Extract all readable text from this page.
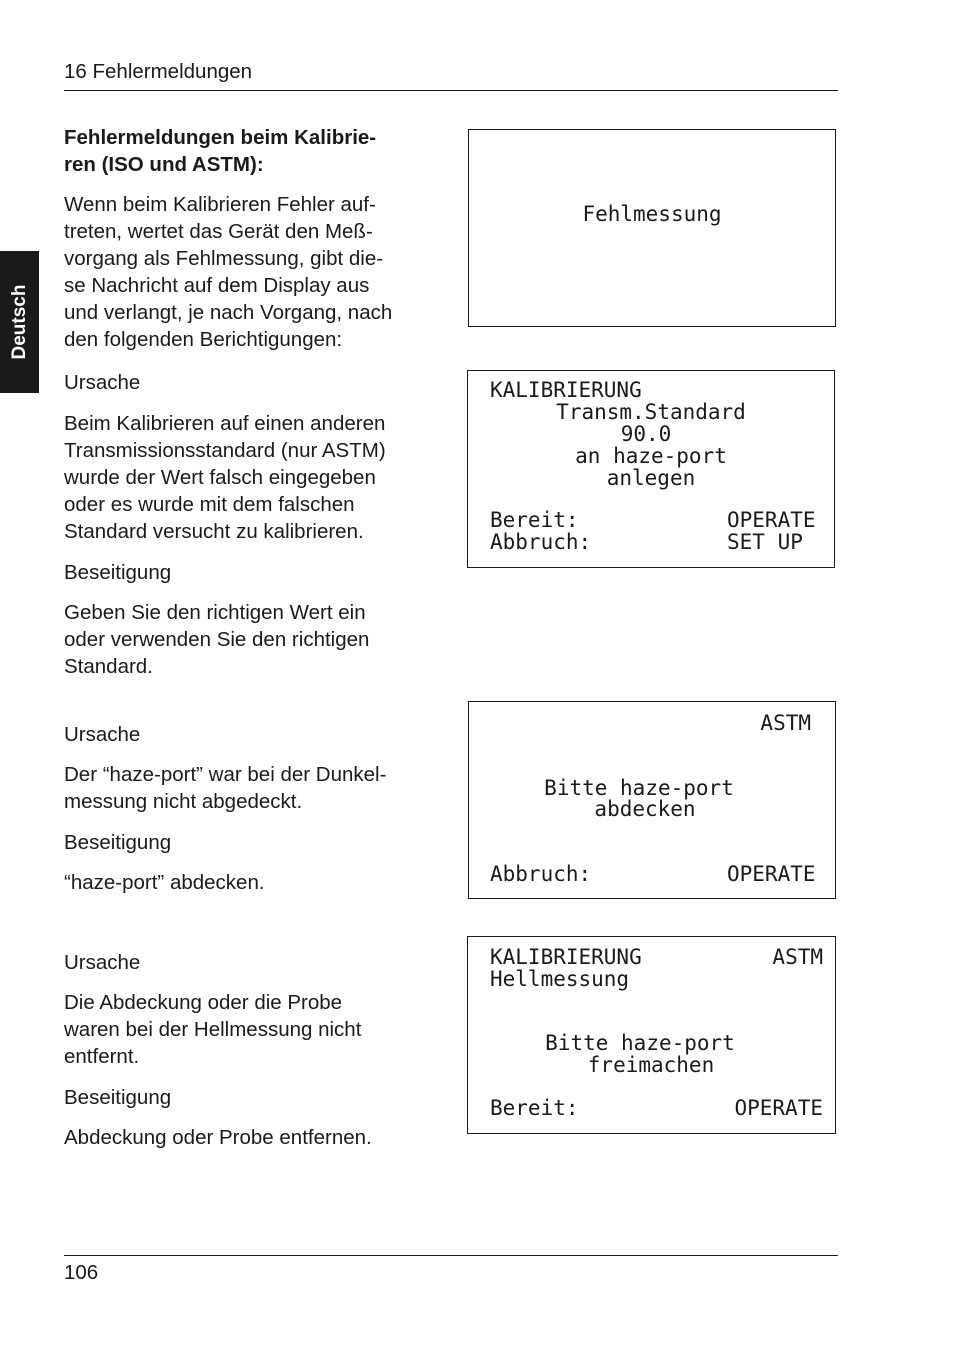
16 Fehlermeldungen
Deutsch
Fehlermeldungen beim Kalibrie-
ren (ISO und ASTM):
Wenn beim Kalibrieren Fehler auf-
treten, wertet das Gerät den Meß-
vorgang als Fehlmessung, gibt die-
se Nachricht auf dem Display aus
und verlangt, je nach Vorgang, nach
den folgenden Berichtigungen:
Ursache
Beim Kalibrieren auf einen anderen
Transmissionsstandard (nur ASTM)
wurde der Wert falsch eingegeben
oder es wurde mit dem falschen
Standard versucht zu kalibrieren.
Beseitigung
Geben Sie den richtigen Wert ein
oder verwenden Sie den richtigen
Standard.
Ursache
Der “haze-port” war bei der Dunkel-
messung nicht abgedeckt.
Beseitigung
“haze-port” abdecken.
Ursache
Die Abdeckung oder die Probe
waren bei der Hellmessung nicht
entfernt.
Beseitigung
Abdeckung oder Probe entfernen.
Fehlmessung
KALIBRIERUNG
Transm.Standard
90.0
an haze-port
anlegen
Bereit:	OPERATE
Abbruch:	SET UP
ASTM
Bitte haze-port
abdecken
Abbruch:	OPERATE
KALIBRIERUNG	ASTM
Hellmessung
Bitte haze-port
freimachen
Bereit:	OPERATE
106
